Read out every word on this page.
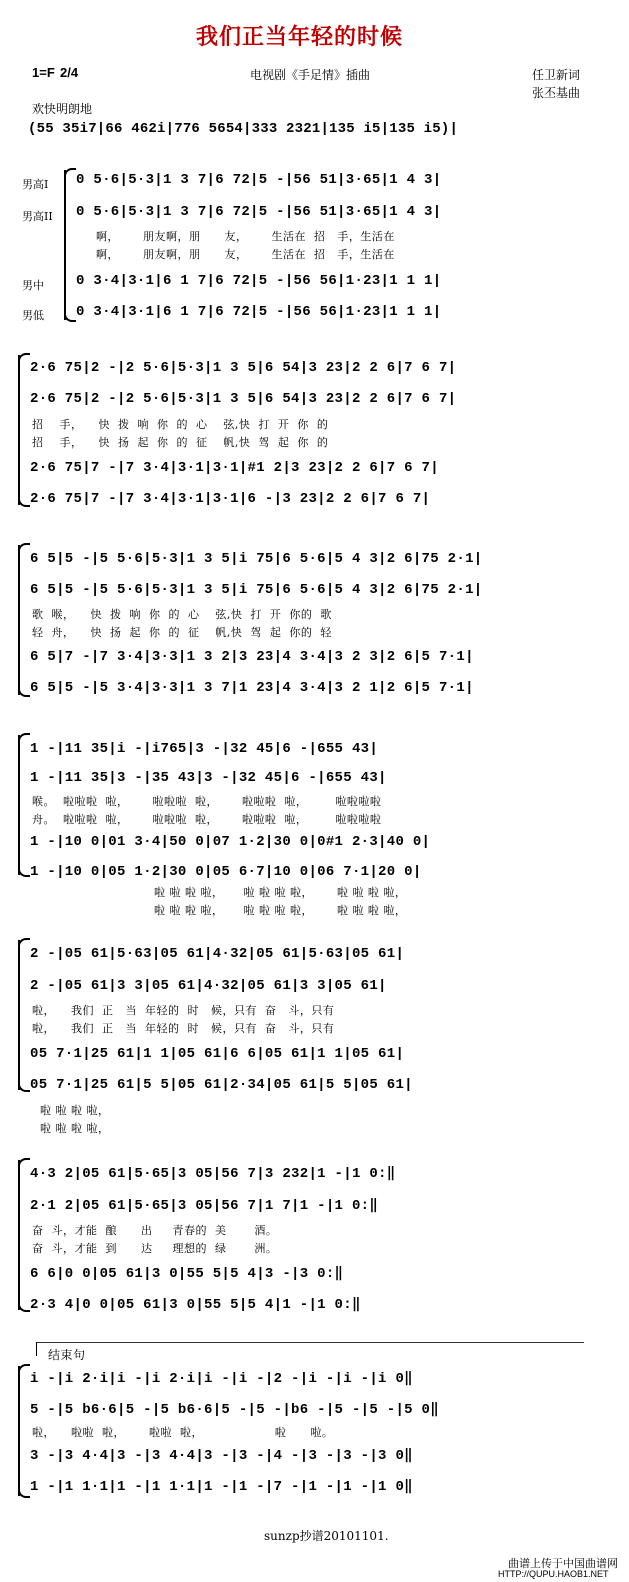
我们正当年轻的时候
1=F 2/4	电视剧《手足情》插曲	任卫新词
张丕基曲
欢快明朗地
(55 35i7|66 462i|776 5654|333 2321|135 i5|135 i5)|
男高I
男高II
男中
男低
0 5·6|5·3|1 3 7|6 72|5 -|56 51|3·65|1 4 3|
0 5·6|5·3|1 3 7|6 72|5 -|56 51|3·65|1 4 3|
啊，      朋友啊，朋      友，      生活在  招   手，生活在
啊，      朋友啊，朋      友，      生活在  招   手，生活在
0 3·4|3·1|6 1 7|6 72|5 -|56 56|1·23|1 1 1|
0 3·4|3·1|6 1 7|6 72|5 -|56 56|1·23|1 1 1|
2·6 75|2 -|2 5·6|5·3|1 3 5|6 54|3 23|2 2 6|7 6 7|
2·6 75|2 -|2 5·6|5·3|1 3 5|6 54|3 23|2 2 6|7 6 7|
招    手，    快  拨  响  你  的  心    弦,快  打  开  你  的
招    手，    快  扬  起  你  的  征    帆,快  驾  起  你  的
2·6 75|7 -|7 3·4|3·1|3·1|#1 2|3 23|2 2 6|7 6 7|
2·6 75|7 -|7 3·4|3·1|3·1|6 -|3 23|2 2 6|7 6 7|
6 5|5 -|5 5·6|5·3|1 3 5|i 75|6 5·6|5 4 3|2 6|75 2·1|
6 5|5 -|5 5·6|5·3|1 3 5|i 75|6 5·6|5 4 3|2 6|75 2·1|
歌  喉，    快  拨  响  你  的  心    弦,快  打  开  你的  歌
轻  舟，    快  扬  起  你  的  征    帆,快  驾  起  你的  轻
6 5|7 -|7 3·4|3·3|1 3 2|3 23|4 3·4|3 2 3|2 6|5 7·1|
6 5|5 -|5 3·4|3·3|1 3 7|1 23|4 3·4|3 2 1|2 6|5 7·1|
1 -|11 35|i -|i765|3 -|32 45|6 -|655 43|
1 -|11 35|3 -|35 43|3 -|32 45|6 -|655 43|
喉。  啦啦啦  啦，      啦啦啦  啦，      啦啦啦  啦，       啦啦啦啦
舟。  啦啦啦  啦，      啦啦啦  啦，      啦啦啦  啦，       啦啦啦啦
1 -|10 0|01 3·4|50 0|07 1·2|30 0|0#1 2·3|40 0|
1 -|10 0|05 1·2|30 0|05 6·7|10 0|06 7·1|20 0|
啦 啦 啦 啦，     啦 啦 啦 啦，      啦 啦 啦 啦，
啦 啦 啦 啦，     啦 啦 啦 啦，      啦 啦 啦 啦，
2 -|05 61|5·63|05 61|4·32|05 61|5·63|05 61|
2 -|05 61|3 3|05 61|4·32|05 61|3 3|05 61|
啦，    我们  正   当  年轻的  时   候，只有  奋   斗，只有
啦，    我们  正   当  年轻的  时   候，只有  奋   斗，只有
05 7·1|25 61|1 1|05 61|6 6|05 61|1 1|05 61|
05 7·1|25 61|5 5|05 61|2·34|05 61|5 5|05 61|
啦 啦 啦 啦，
啦 啦 啦 啦，
4·3 2|05 61|5·65|3 05|56 7|3 232|1 -|1 0:‖
2·1 2|05 61|5·65|3 05|56 7|1 7|1 -|1 0:‖
奋  斗，才能  酿      出     青春的  美       酒。
奋  斗，才能  到      达     理想的  绿       洲。
6 6|0 0|05 61|3 0|55 5|5 4|3 -|3 0:‖
2·3 4|0 0|05 61|3 0|55 5|5 4|1 -|1 0:‖
结束句
i -|i 2·i|i -|i 2·i|i -|i -|2 -|i -|i -|i 0‖
5 -|5 b6·6|5 -|5 b6·6|5 -|5 -|b6 -|5 -|5 -|5 0‖
啦，    啦啦  啦，      啦啦  啦，                  啦      啦。
3 -|3 4·4|3 -|3 4·4|3 -|3 -|4 -|3 -|3 -|3 0‖
1 -|1 1·1|1 -|1 1·1|1 -|1 -|7 -|1 -|1 -|1 0‖
sunzp抄谱20101101.
曲谱上传于中国曲谱网
HTTP://QUPU.HAOB1.NET
